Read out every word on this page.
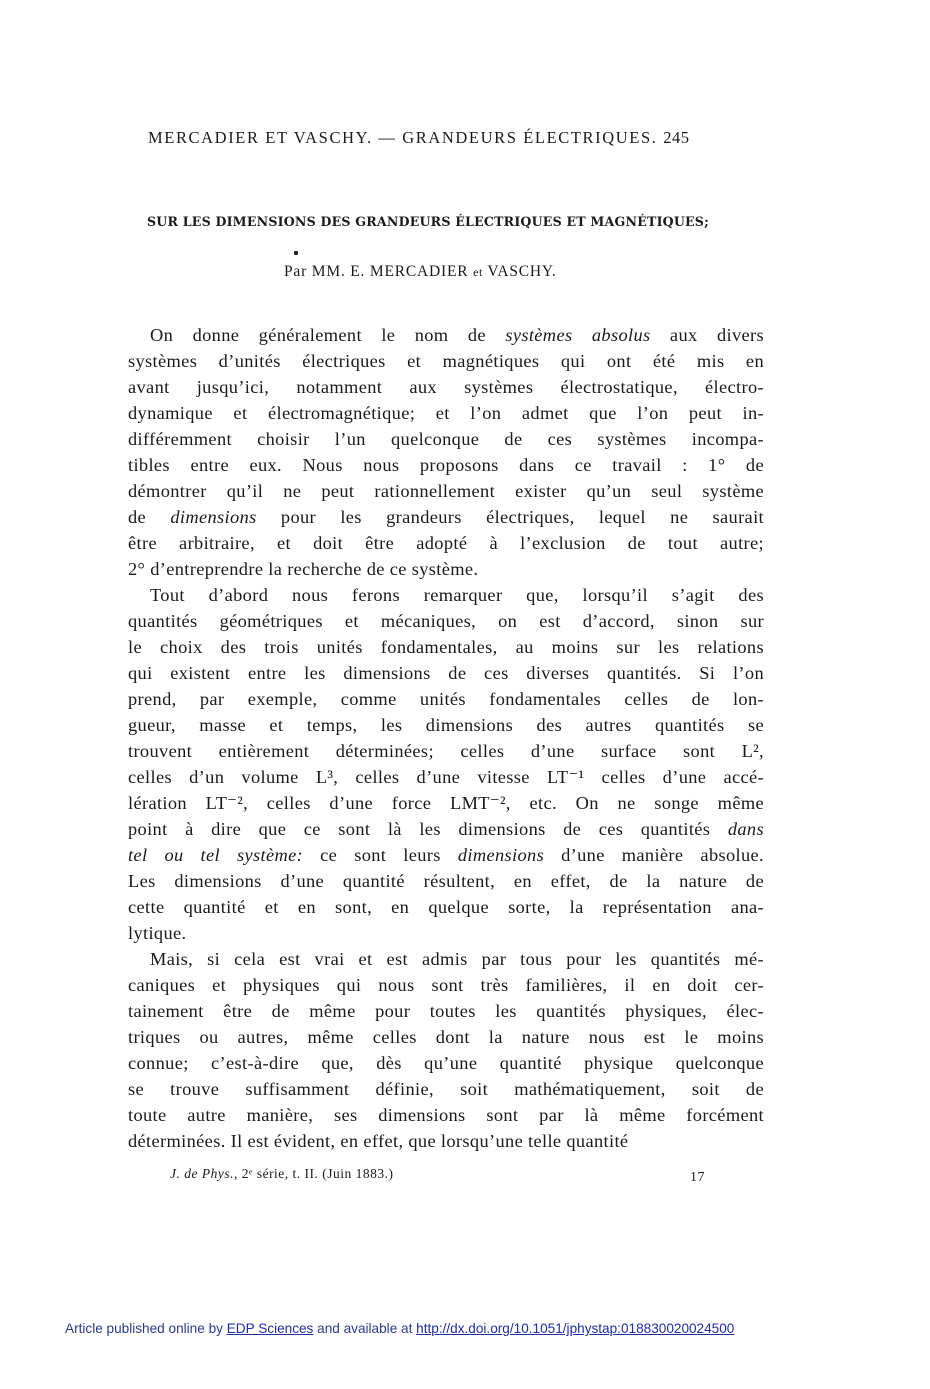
MERCADIER ET VASCHY. — GRANDEURS ÉLECTRIQUES. 245
SUR LES DIMENSIONS DES GRANDEURS ÉLECTRIQUES ET MAGNÉTIQUES;
Par MM. E. MERCADIER et VASCHY.
On donne généralement le nom de systèmes absolus aux divers
systèmes d’unités électriques et magnétiques qui ont été mis en
avant jusqu’ici, notamment aux systèmes électrostatique, électro-
dynamique et électromagnétique; et l’on admet que l’on peut in-
différemment choisir l’un quelconque de ces systèmes incompa-
tibles entre eux. Nous nous proposons dans ce travail : 1° de
démontrer qu’il ne peut rationnellement exister qu’un seul système
de dimensions pour les grandeurs électriques, lequel ne saurait
être arbitraire, et doit être adopté à l’exclusion de tout autre;
2° d’entreprendre la recherche de ce système.
Tout d’abord nous ferons remarquer que, lorsqu’il s’agit des
quantités géométriques et mécaniques, on est d’accord, sinon sur
le choix des trois unités fondamentales, au moins sur les relations
qui existent entre les dimensions de ces diverses quantités. Si l’on
prend, par exemple, comme unités fondamentales celles de lon-
gueur, masse et temps, les dimensions des autres quantités se
trouvent entièrement déterminées; celles d’une surface sont L²,
celles d’un volume L³, celles d’une vitesse LT⁻¹ celles d’une accé-
lération LT⁻², celles d’une force LMT⁻², etc. On ne songe même
point à dire que ce sont là les dimensions de ces quantités dans
tel ou tel système: ce sont leurs dimensions d’une manière absolue.
Les dimensions d’une quantité résultent, en effet, de la nature de
cette quantité et en sont, en quelque sorte, la représentation ana-
lytique.
Mais, si cela est vrai et est admis par tous pour les quantités mé-
caniques et physiques qui nous sont très familières, il en doit cer-
tainement être de même pour toutes les quantités physiques, élec-
triques ou autres, même celles dont la nature nous est le moins
connue; c’est-à-dire que, dès qu’une quantité physique quelconque
se trouve suffisamment définie, soit mathématiquement, soit de
toute autre manière, ses dimensions sont par là même forcément
déterminées. Il est évident, en effet, que lorsqu’une telle quantité
J. de Phys., 2ᵉ série, t. II. (Juin 1883.)	17
Article published online by EDP Sciences and available at http://dx.doi.org/10.1051/jphystap:018830020024500
